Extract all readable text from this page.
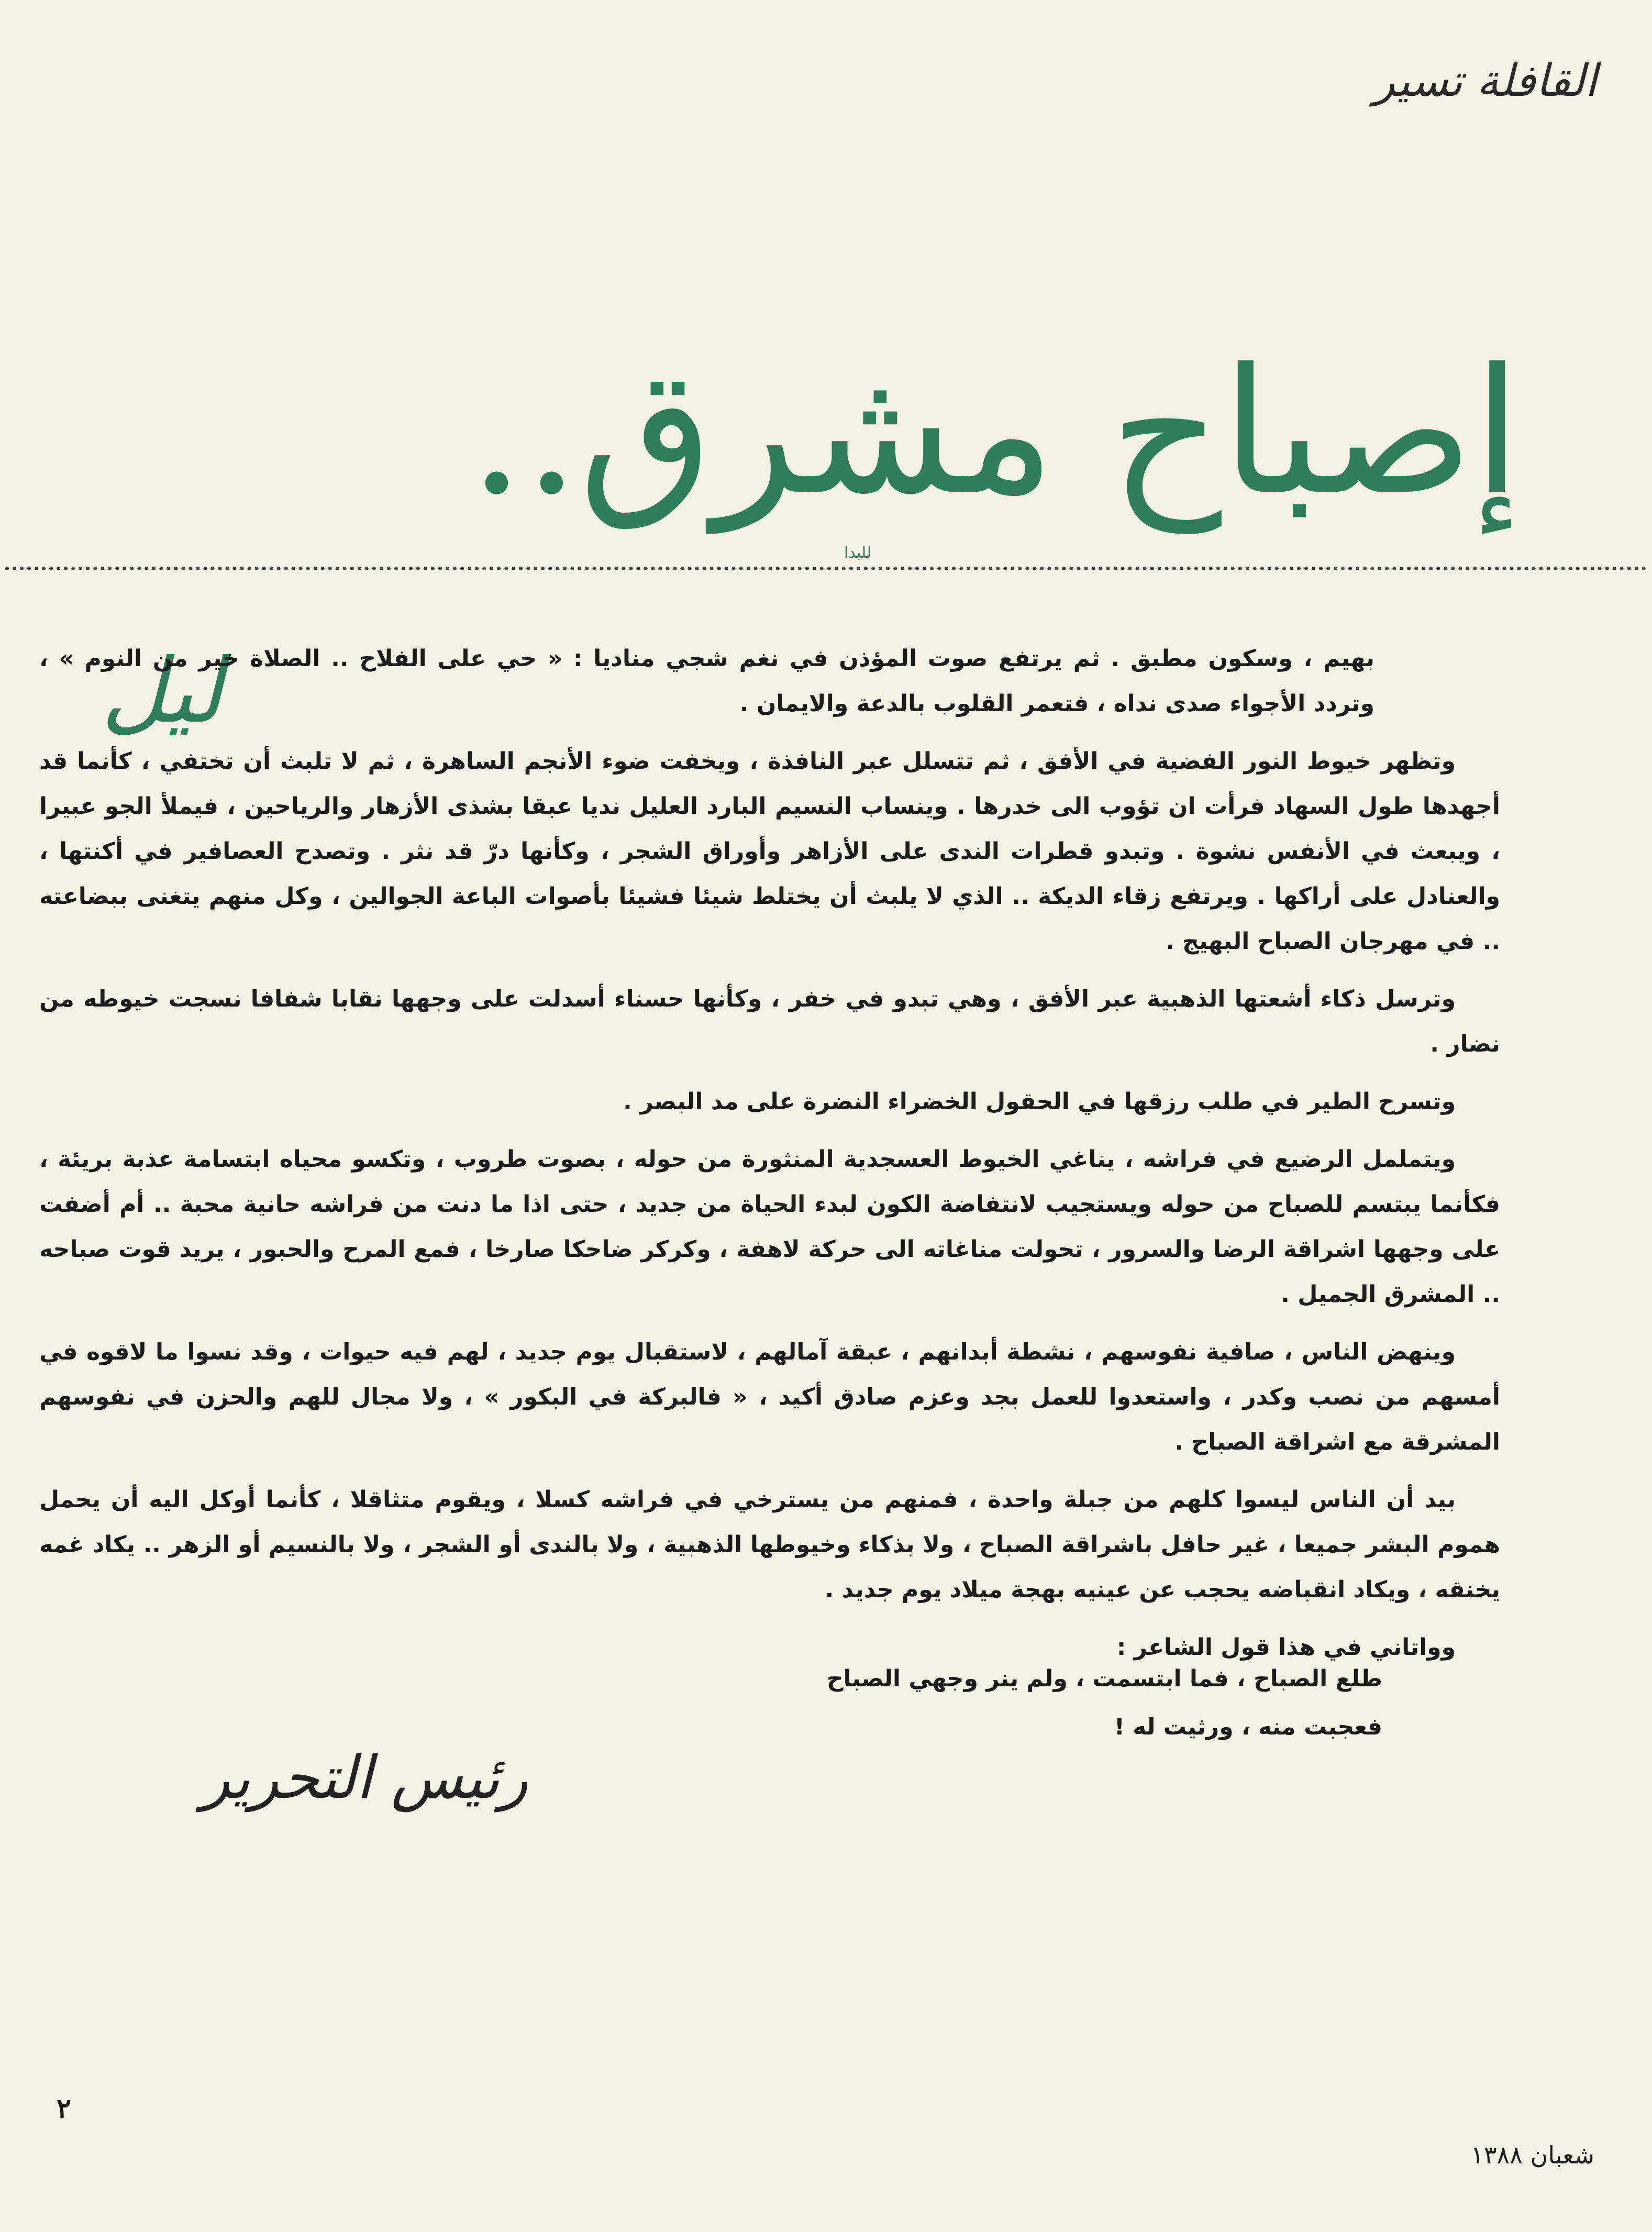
القافلة تسير
إصباح مشرق..
للبدا
ليل

بهيم ، وسكون مطبق . ثم يرتفع صوت المؤذن في نغم شجي مناديا : « حي على الفلاح .. الصلاة خير من النوم » ، وتردد الأجواء صدى نداه ، فتعمر القلوب بالدعة والايمان .

وتظهر خيوط النور الفضية في الأفق ، ثم تتسلل عبر النافذة ، ويخفت ضوء الأنجم الساهرة ، ثم لا تلبث أن تختفي ، كأنما قد أجهدها طول السهاد فرأت ان تؤوب الى خدرها . وينساب النسيم البارد العليل نديا عبقا بشذى الأزهار والرياحين ، فيملأ الجو عبيرا ، ويبعث في الأنفس نشوة . وتبدو قطرات الندى على الأزاهر وأوراق الشجر ، وكأنها درّ قد نثر . وتصدح العصافير في أكنتها ، والعنادل على أراكها . ويرتفع زقاء الديكة .. الذي لا يلبث أن يختلط شيئا فشيئا بأصوات الباعة الجوالين ، وكل منهم يتغنى ببضاعته .. في مهرجان الصباح البهيج .

وترسل ذكاء أشعتها الذهبية عبر الأفق ، وهي تبدو في خفر ، وكأنها حسناء أسدلت على وجهها نقابا شفافا نسجت خيوطه من نضار .

وتسرح الطير في طلب رزقها في الحقول الخضراء النضرة على مد البصر .

ويتململ الرضيع في فراشه ، يناغي الخيوط العسجدية المنثورة من حوله ، بصوت طروب ، وتكسو محياه ابتسامة عذبة بريئة ، فكأنما يبتسم للصباح من حوله ويستجيب لانتفاضة الكون لبدء الحياة من جديد ، حتى اذا ما دنت من فراشه حانية محبة .. أم أضفت على وجهها اشراقة الرضا والسرور ، تحولت مناغاته الى حركة لاهفة ، وكركر ضاحكا صارخا ، فمع المرح والحبور ، يريد قوت صباحه .. المشرق الجميل .

وينهض الناس ، صافية نفوسهم ، نشطة أبدانهم ، عبقة آمالهم ، لاستقبال يوم جديد ، لهم فيه حيوات ، وقد نسوا ما لاقوه في أمسهم من نصب وكدر ، واستعدوا للعمل بجد وعزم صادق أكيد ، « فالبركة في البكور » ، ولا مجال للهم والحزن في نفوسهم المشرقة مع اشراقة الصباح .

بيد أن الناس ليسوا كلهم من جبلة واحدة ، فمنهم من يسترخي في فراشه كسلا ، ويقوم متثاقلا ، كأنما أوكل اليه أن يحمل هموم البشر جميعا ، غير حافل باشراقة الصباح ، ولا بذكاء وخيوطها الذهبية ، ولا بالندى أو الشجر ، ولا بالنسيم أو الزهر .. يكاد غمه يخنقه ، ويكاد انقباضه يحجب عن عينيه بهجة ميلاد يوم جديد .

وواتاني في هذا قول الشاعر :

طلع الصباح ، فما ابتسمت ، ولم ينر وجهي الصباح
فعجبت منه ، ورثيت له !
رئيس التحرير
٢
شعبان ١٣٨٨
